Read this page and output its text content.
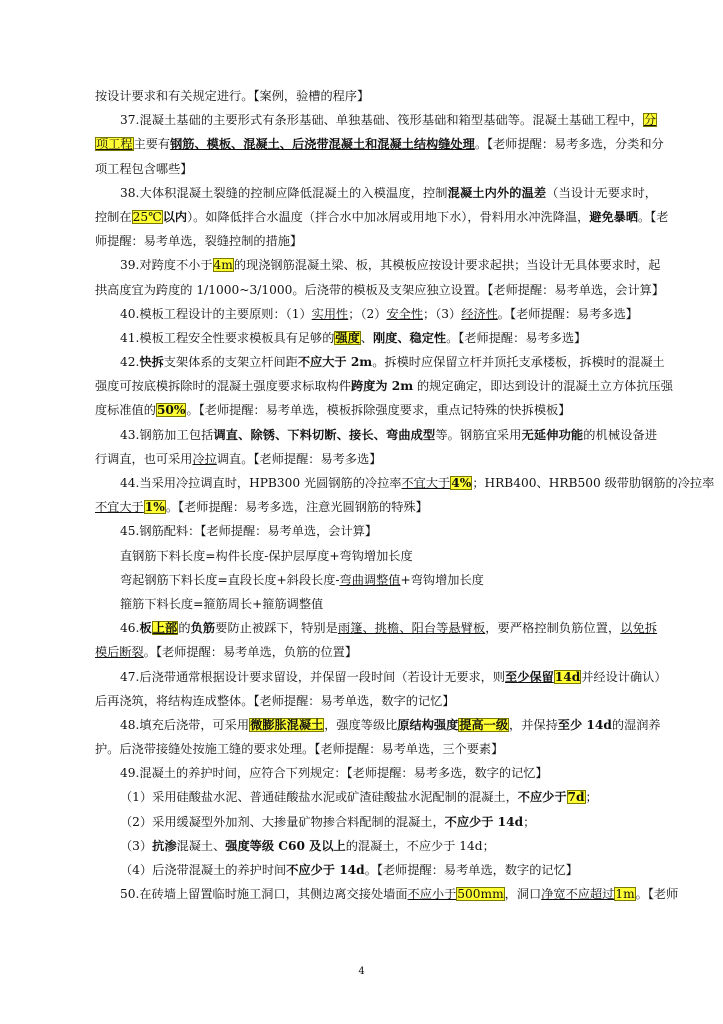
按设计要求和有关规定进行。【案例，验槽的程序】
37.混凝土基础的主要形式有条形基础、单独基础、筏形基础和箱型基础等。混凝土基础工程中，分
项工程主要有钢筋、模板、混凝土、后浇带混凝土和混凝土结构缝处理。【老师提醒：易考多选，分类和分
项工程包含哪些】
38.大体积混凝土裂缝的控制应降低混凝土的入模温度，控制混凝土内外的温差（当设计无要求时，
控制在25℃以内）。如降低拌合水温度（拌合水中加冰屑或用地下水），骨料用水冲洗降温，避免暴晒。【老
师提醒：易考单选，裂缝控制的措施】
39.对跨度不小于4m的现浇钢筋混凝土梁、板，其模板应按设计要求起拱；当设计无具体要求时，起
拱高度宜为跨度的 1/1000~3/1000。后浇带的模板及支架应独立设置。【老师提醒：易考单选，会计算】
40.模板工程设计的主要原则：（1）实用性；（2）安全性；（3）经济性。【老师提醒：易考多选】
41.模板工程安全性要求模板具有足够的强度、刚度、稳定性。【老师提醒：易考多选】
42.快拆支架体系的支架立杆间距不应大于 2m。拆模时应保留立杆并顶托支承楼板，拆模时的混凝土
强度可按底模拆除时的混凝土强度要求标取构件跨度为 2m 的规定确定，即达到设计的混凝土立方体抗压强
度标准值的50%。【老师提醒：易考单选，模板拆除强度要求，重点记特殊的快拆模板】
43.钢筋加工包括调直、除锈、下料切断、接长、弯曲成型等。钢筋宜采用无延伸功能的机械设备进
行调直，也可采用冷拉调直。【老师提醒：易考多选】
44.当采用冷拉调直时，HPB300 光圆钢筋的冷拉率不宜大于4%；HRB400、HRB500 级带肋钢筋的冷拉率
不宜大于1%。【老师提醒：易考多选，注意光圆钢筋的特殊】
45.钢筋配料：【老师提醒：易考单选，会计算】
直钢筋下料长度=构件长度-保护层厚度+弯钩增加长度
弯起钢筋下料长度=直段长度+斜段长度-弯曲调整值+弯钩增加长度
箍筋下料长度=箍筋周长+箍筋调整值
46.板上部的负筋要防止被踩下，特别是雨篷、挑檐、阳台等悬臂板，要严格控制负筋位置，以免拆
模后断裂。【老师提醒：易考单选，负筋的位置】
47.后浇带通常根据设计要求留设，并保留一段时间（若设计无要求，则至少保留14d并经设计确认）
后再浇筑，将结构连成整体。【老师提醒：易考单选，数字的记忆】
48.填充后浇带，可采用微膨胀混凝土，强度等级比原结构强度提高一级，并保持至少 14d的湿润养
护。后浇带接缝处按施工缝的要求处理。【老师提醒：易考单选，三个要素】
49.混凝土的养护时间，应符合下列规定：【老师提醒：易考多选，数字的记忆】
（1）采用硅酸盐水泥、普通硅酸盐水泥或矿渣硅酸盐水泥配制的混凝土，不应少于7d；
（2）采用缓凝型外加剂、大掺量矿物掺合料配制的混凝土，不应少于 14d；
（3）抗渗混凝土、强度等级 C60 及以上的混凝土，不应少于 14d；
（4）后浇带混凝土的养护时间不应少于 14d。【老师提醒：易考单选，数字的记忆】
50.在砖墙上留置临时施工洞口，其侧边离交接处墙面不应小于500mm，洞口净宽不应超过1m。【老师
4
